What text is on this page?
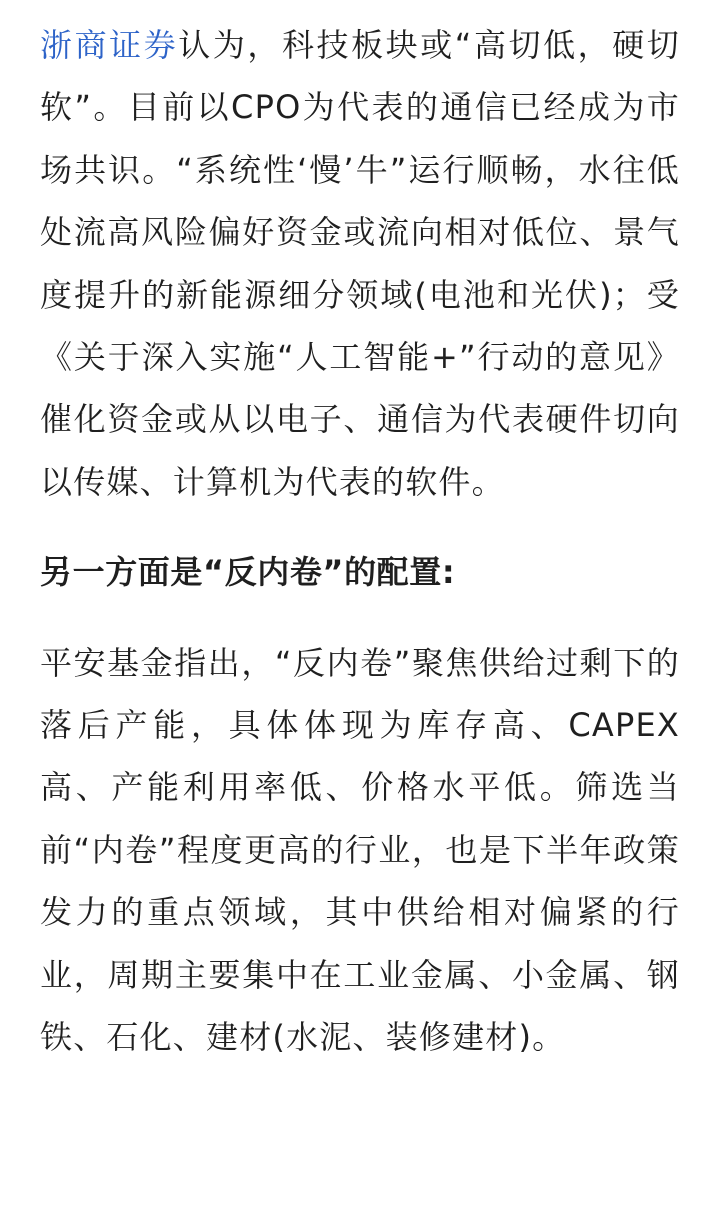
浙商证券认为，科技板块或“高切低，硬切软”。目前以CPO为代表的通信已经成为市场共识。“系统性‘慢’牛”运行顺畅，水往低处流高风险偏好资金或流向相对低位、景气度提升的新能源细分领域(电池和光伏)；受《关于深入实施“人工智能+”行动的意见》催化资金或从以电子、通信为代表硬件切向以传媒、计算机为代表的软件。

另一方面是“反内卷”的配置:

平安基金指出，“反内卷”聚焦供给过剩下的落后产能，具体体现为库存高、CAPEX高、产能利用率低、价格水平低。筛选当前“内卷”程度更高的行业，也是下半年政策发力的重点领域，其中供给相对偏紧的行业，周期主要集中在工业金属、小金属、钢铁、石化、建材(水泥、装修建材)。
